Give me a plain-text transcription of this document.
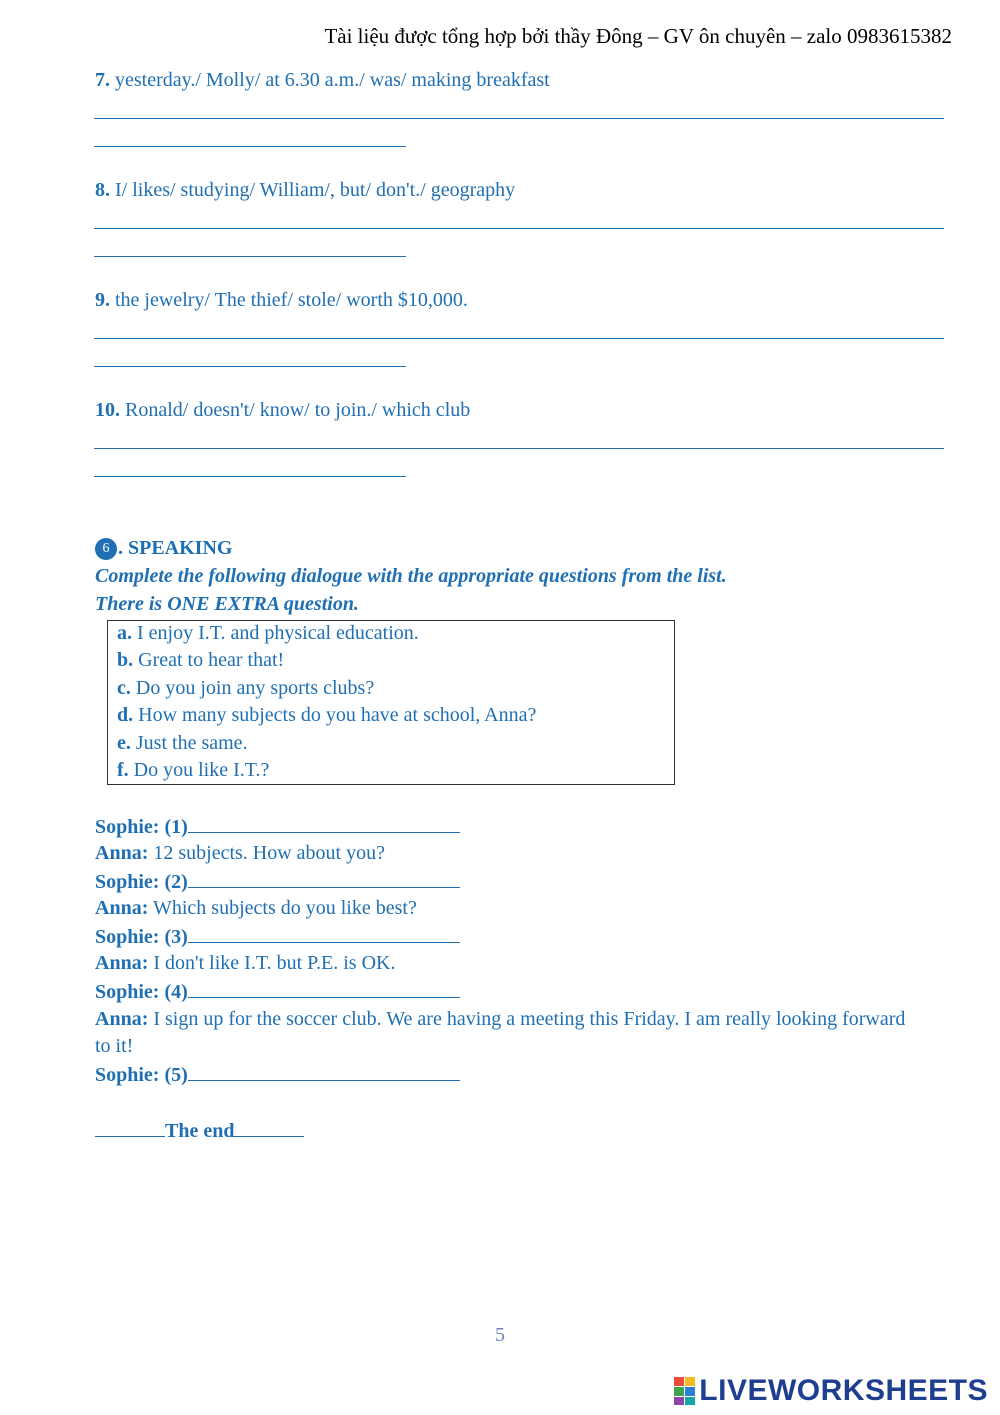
Tài liệu được tổng hợp bởi thầy Đông – GV ôn chuyên – zalo 0983615382
7. yesterday./ Molly/ at 6.30 a.m./ was/ making breakfast
8. I/ likes/ studying/ William/, but/ don't./ geography
9. the jewelry/ The thief/ stole/ worth $10,000.
10. Ronald/ doesn't/ know/ to join./ which club
6 . SPEAKING
Complete the following dialogue with the appropriate questions from the list.
There is ONE EXTRA question.
a. I enjoy I.T. and physical education.
b. Great to hear that!
c. Do you join any sports clubs?
d. How many subjects do you have at school, Anna?
e. Just the same.
f. Do you like I.T.?
Sophie: (1)
Anna: 12 subjects. How about you?
Sophie: (2)
Anna: Which subjects do you like best?
Sophie: (3)
Anna: I don't like I.T. but P.E. is OK.
Sophie: (4)
Anna: I sign up for the soccer club. We are having a meeting this Friday. I am really looking forward to it!
Sophie: (5)
The end
5
LIVEWORKSHEETS
